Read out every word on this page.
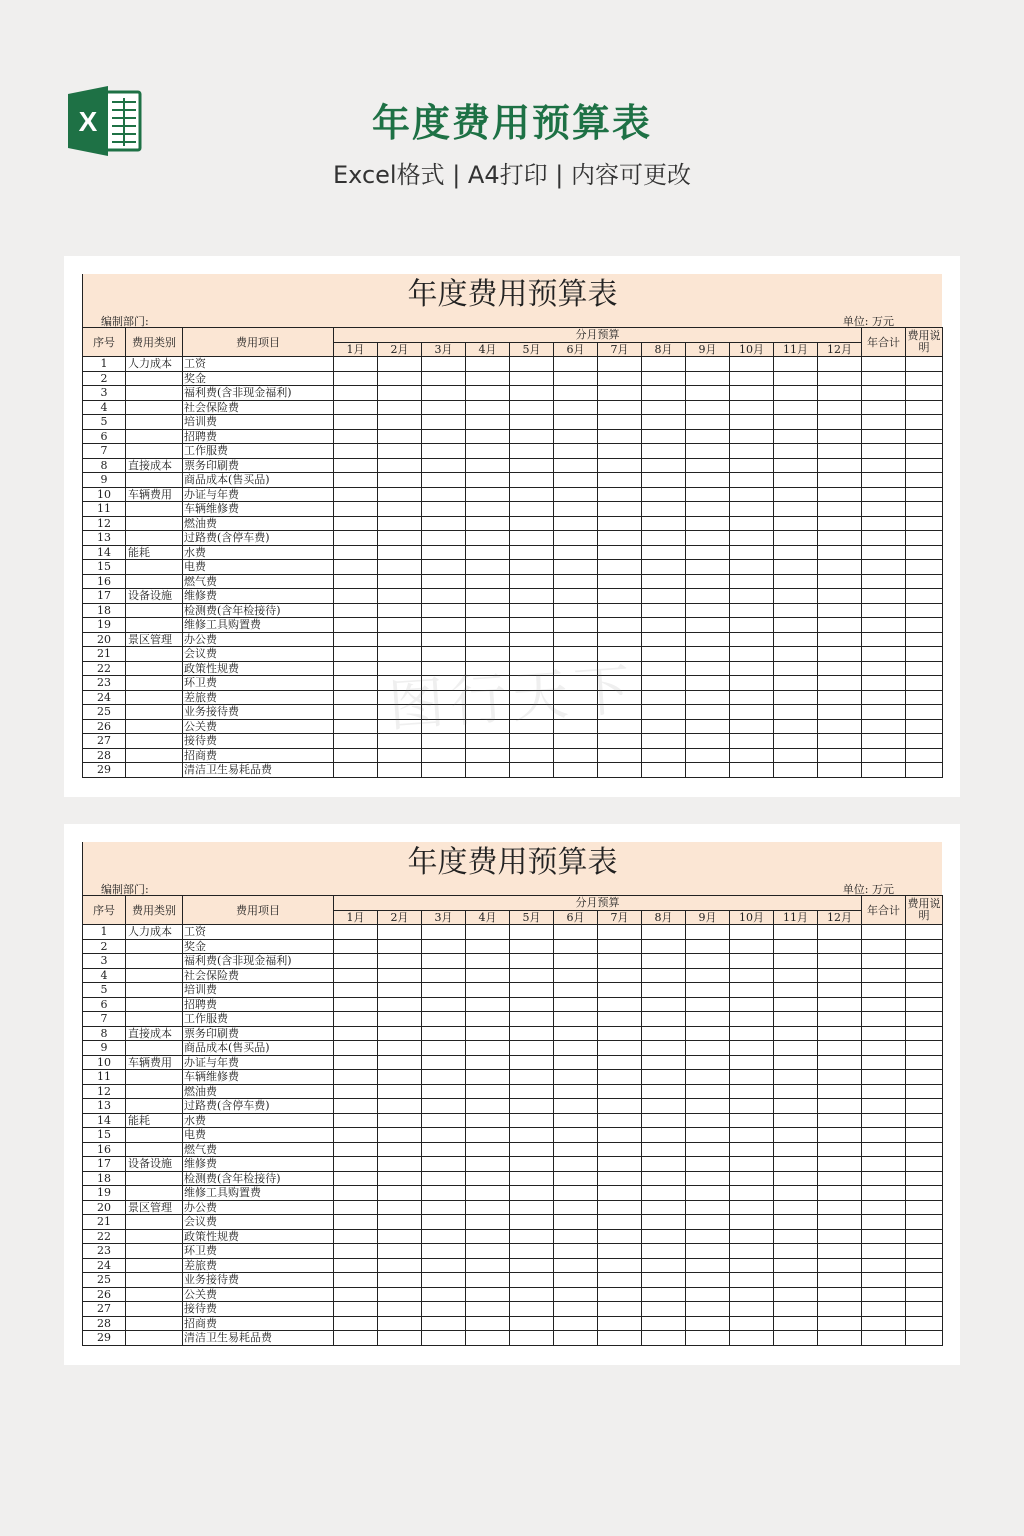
X	年度费用预算表
Excel格式 | A4打印 | 内容可更改
年度费用预算表
编制部门:	单位: 万元
序号	费用类别	费用项目	分月预算												年合计	费用说明
			1月	2月	3月	4月	5月	6月	7月	8月	9月	10月	11月	12月		
1	人力成本	工资														
2		奖金														
3		福利费(含非现金福利)														
4		社会保险费														
5		培训费														
6		招聘费														
7		工作服费														
8	直接成本	票务印刷费														
9		商品成本(售买品)														
10	车辆费用	办证与年费														
11		车辆维修费														
12		燃油费														
13		过路费(含停车费)														
14	能耗	水费														
15		电费														
16		燃气费														
17	设备设施	维修费														
18		检测费(含年检接待)														
19		维修工具购置费														
20	景区管理	办公费														
21		会议费														
22		政策性规费														
23		环卫费														
24		差旅费														
25		业务接待费														
26		公关费														
27		接待费														
28		招商费														
29		清洁卫生易耗品费														
年度费用预算表
编制部门:	单位: 万元
序号	费用类别	费用项目	分月预算												年合计	费用说明
			1月	2月	3月	4月	5月	6月	7月	8月	9月	10月	11月	12月		
1	人力成本	工资														
2		奖金														
3		福利费(含非现金福利)														
4		社会保险费														
5		培训费														
6		招聘费														
7		工作服费														
8	直接成本	票务印刷费														
9		商品成本(售买品)														
10	车辆费用	办证与年费														
11		车辆维修费														
12		燃油费														
13		过路费(含停车费)														
14	能耗	水费														
15		电费														
16		燃气费														
17	设备设施	维修费														
18		检测费(含年检接待)														
19		维修工具购置费														
20	景区管理	办公费														
21		会议费														
22		政策性规费														
23		环卫费														
24		差旅费														
25		业务接待费														
26		公关费														
27		接待费														
28		招商费														
29		清洁卫生易耗品费														
